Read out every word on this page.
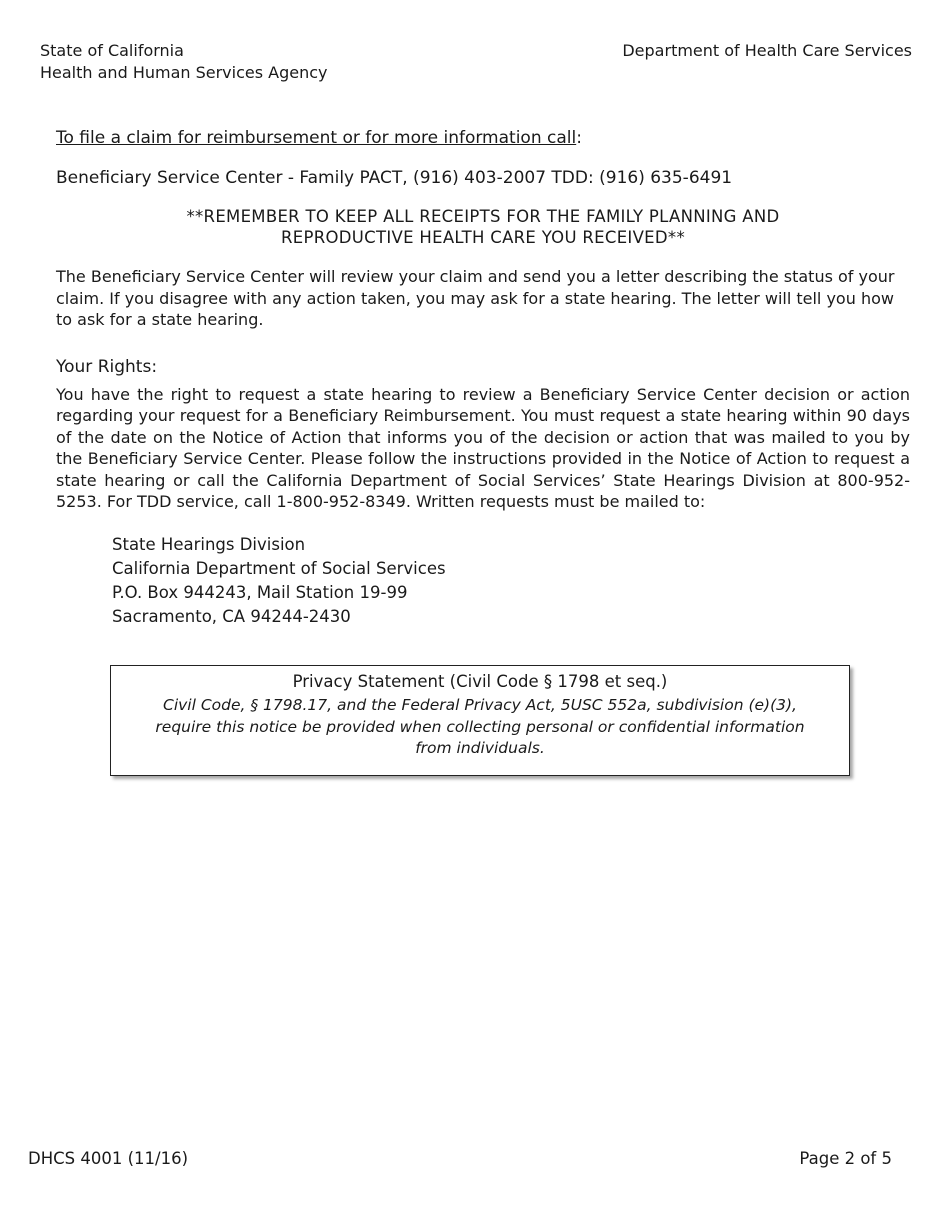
State of California
Health and Human Services Agency
Department of Health Care Services

To file a claim for reimbursement or for more information call:

Beneficiary Service Center - Family PACT, (916) 403-2007 TDD: (916) 635-6491

**REMEMBER TO KEEP ALL RECEIPTS FOR THE FAMILY PLANNING AND
REPRODUCTIVE HEALTH CARE YOU RECEIVED**

The Beneficiary Service Center will review your claim and send you a letter describing the status of your claim. If you disagree with any action taken, you may ask for a state hearing. The letter will tell you how to ask for a state hearing.

Your Rights:

You have the right to request a state hearing to review a Beneficiary Service Center decision or action regarding your request for a Beneficiary Reimbursement. You must request a state hearing within 90 days of the date on the Notice of Action that informs you of the decision or action that was mailed to you by the Beneficiary Service Center. Please follow the instructions provided in the Notice of Action to request a state hearing or call the California Department of Social Services’ State Hearings Division at 800-952-5253. For TDD service, call 1-800-952-8349. Written requests must be mailed to:

State Hearings Division
California Department of Social Services
P.O. Box 944243, Mail Station 19-99
Sacramento, CA 94244-2430
Privacy Statement (Civil Code § 1798 et seq.)
Civil Code, § 1798.17, and the Federal Privacy Act, 5USC 552a, subdivision (e)(3), require this notice be provided when collecting personal or confidential information from individuals.
DHCS 4001 (11/16)	Page 2 of 5
